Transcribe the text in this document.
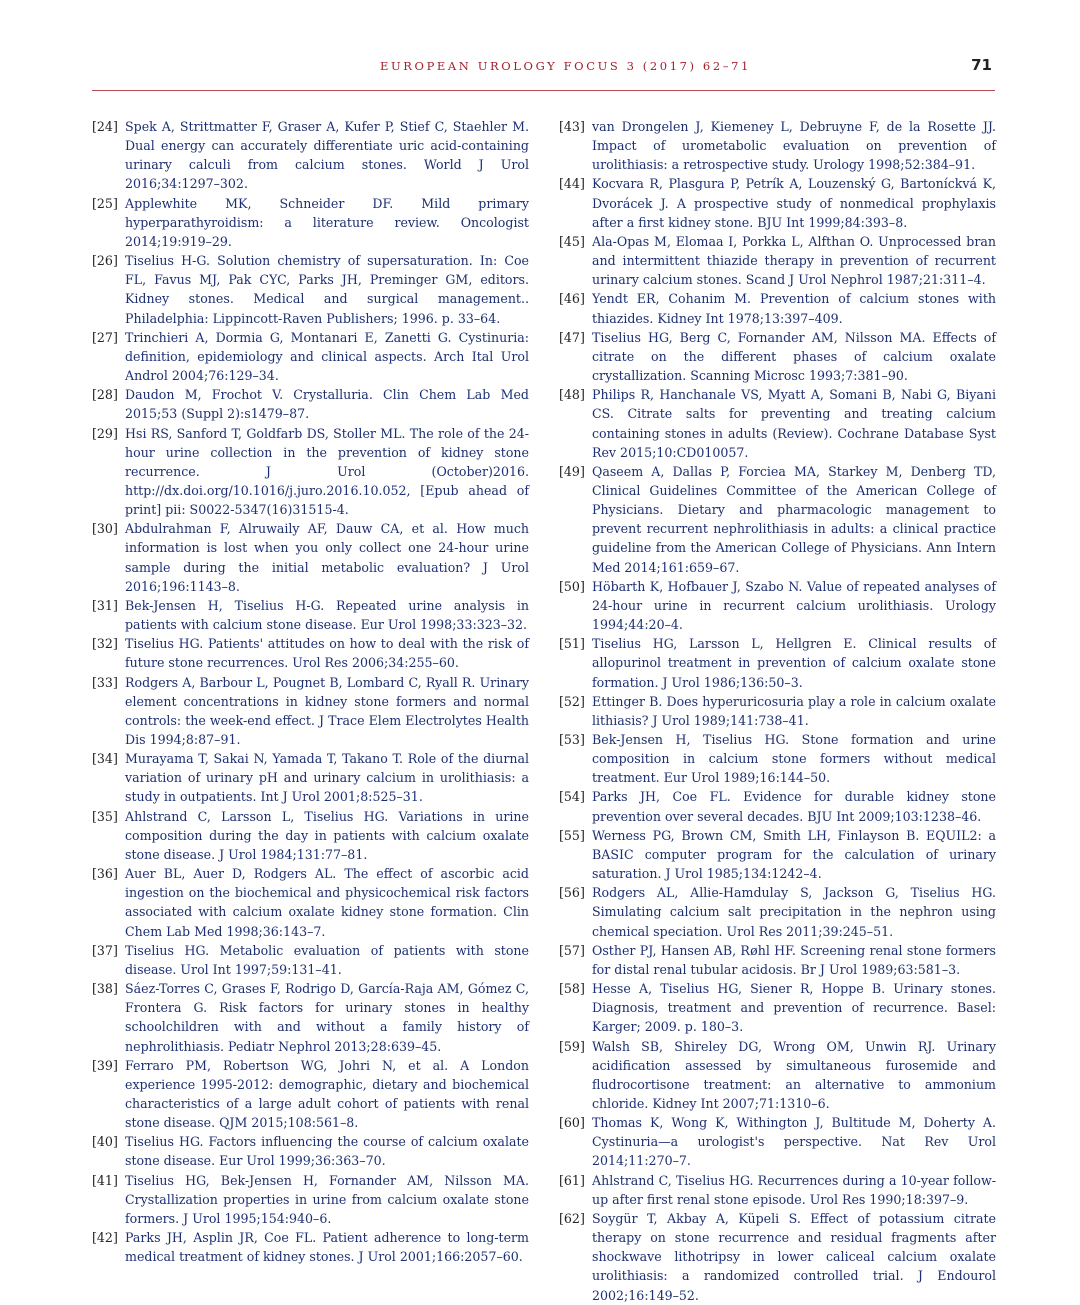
EUROPEAN UROLOGY FOCUS 3 (2017) 62–71	71
[24] Spek A, Strittmatter F, Graser A, Kufer P, Stief C, Staehler M. Dual energy can accurately differentiate uric acid-containing urinary calculi from calcium stones. World J Urol 2016;34:1297–302.
[25] Applewhite MK, Schneider DF. Mild primary hyperparathyroidism: a literature review. Oncologist 2014;19:919–29.
[26] Tiselius H-G. Solution chemistry of supersaturation. In: Coe FL, Favus MJ, Pak CYC, Parks JH, Preminger GM, editors. Kidney stones. Medical and surgical management.. Philadelphia: Lippincott-Raven Publishers; 1996. p. 33–64.
[27] Trinchieri A, Dormia G, Montanari E, Zanetti G. Cystinuria: definition, epidemiology and clinical aspects. Arch Ital Urol Androl 2004;76:129–34.
[28] Daudon M, Frochot V. Crystalluria. Clin Chem Lab Med 2015;53 (Suppl 2):s1479–87.
[29] Hsi RS, Sanford T, Goldfarb DS, Stoller ML. The role of the 24-hour urine collection in the prevention of kidney stone recurrence. J Urol (October)2016. http://dx.doi.org/10.1016/j.juro.2016.10.052, [Epub ahead of print] pii: S0022-5347(16)31515-4.
[30] Abdulrahman F, Alruwaily AF, Dauw CA, et al. How much information is lost when you only collect one 24-hour urine sample during the initial metabolic evaluation? J Urol 2016;196:1143–8.
[31] Bek-Jensen H, Tiselius H-G. Repeated urine analysis in patients with calcium stone disease. Eur Urol 1998;33:323–32.
[32] Tiselius HG. Patients' attitudes on how to deal with the risk of future stone recurrences. Urol Res 2006;34:255–60.
[33] Rodgers A, Barbour L, Pougnet B, Lombard C, Ryall R. Urinary element concentrations in kidney stone formers and normal controls: the week-end effect. J Trace Elem Electrolytes Health Dis 1994;8:87–91.
[34] Murayama T, Sakai N, Yamada T, Takano T. Role of the diurnal variation of urinary pH and urinary calcium in urolithiasis: a study in outpatients. Int J Urol 2001;8:525–31.
[35] Ahlstrand C, Larsson L, Tiselius HG. Variations in urine composition during the day in patients with calcium oxalate stone disease. J Urol 1984;131:77–81.
[36] Auer BL, Auer D, Rodgers AL. The effect of ascorbic acid ingestion on the biochemical and physicochemical risk factors associated with calcium oxalate kidney stone formation. Clin Chem Lab Med 1998;36:143–7.
[37] Tiselius HG. Metabolic evaluation of patients with stone disease. Urol Int 1997;59:131–41.
[38] Sáez-Torres C, Grases F, Rodrigo D, García-Raja AM, Gómez C, Frontera G. Risk factors for urinary stones in healthy schoolchildren with and without a family history of nephrolithiasis. Pediatr Nephrol 2013;28:639–45.
[39] Ferraro PM, Robertson WG, Johri N, et al. A London experience 1995-2012: demographic, dietary and biochemical characteristics of a large adult cohort of patients with renal stone disease. QJM 2015;108:561–8.
[40] Tiselius HG. Factors influencing the course of calcium oxalate stone disease. Eur Urol 1999;36:363–70.
[41] Tiselius HG, Bek-Jensen H, Fornander AM, Nilsson MA. Crystallization properties in urine from calcium oxalate stone formers. J Urol 1995;154:940–6.
[42] Parks JH, Asplin JR, Coe FL. Patient adherence to long-term medical treatment of kidney stones. J Urol 2001;166:2057–60.
[43] van Drongelen J, Kiemeney L, Debruyne F, de la Rosette JJ. Impact of urometabolic evaluation on prevention of urolithiasis: a retrospective study. Urology 1998;52:384–91.
[44] Kocvara R, Plasgura P, Petrík A, Louzenský G, Bartoníckvá K, Dvorácek J. A prospective study of nonmedical prophylaxis after a first kidney stone. BJU Int 1999;84:393–8.
[45] Ala-Opas M, Elomaa I, Porkka L, Alfthan O. Unprocessed bran and intermittent thiazide therapy in prevention of recurrent urinary calcium stones. Scand J Urol Nephrol 1987;21:311–4.
[46] Yendt ER, Cohanim M. Prevention of calcium stones with thiazides. Kidney Int 1978;13:397–409.
[47] Tiselius HG, Berg C, Fornander AM, Nilsson MA. Effects of citrate on the different phases of calcium oxalate crystallization. Scanning Microsc 1993;7:381–90.
[48] Philips R, Hanchanale VS, Myatt A, Somani B, Nabi G, Biyani CS. Citrate salts for preventing and treating calcium containing stones in adults (Review). Cochrane Database Syst Rev 2015;10:CD010057.
[49] Qaseem A, Dallas P, Forciea MA, Starkey M, Denberg TD, Clinical Guidelines Committee of the American College of Physicians. Dietary and pharmacologic management to prevent recurrent nephrolithiasis in adults: a clinical practice guideline from the American College of Physicians. Ann Intern Med 2014;161:659–67.
[50] Höbarth K, Hofbauer J, Szabo N. Value of repeated analyses of 24-hour urine in recurrent calcium urolithiasis. Urology 1994;44:20–4.
[51] Tiselius HG, Larsson L, Hellgren E. Clinical results of allopurinol treatment in prevention of calcium oxalate stone formation. J Urol 1986;136:50–3.
[52] Ettinger B. Does hyperuricosuria play a role in calcium oxalate lithiasis? J Urol 1989;141:738–41.
[53] Bek-Jensen H, Tiselius HG. Stone formation and urine composition in calcium stone formers without medical treatment. Eur Urol 1989;16:144–50.
[54] Parks JH, Coe FL. Evidence for durable kidney stone prevention over several decades. BJU Int 2009;103:1238–46.
[55] Werness PG, Brown CM, Smith LH, Finlayson B. EQUIL2: a BASIC computer program for the calculation of urinary saturation. J Urol 1985;134:1242–4.
[56] Rodgers AL, Allie-Hamdulay S, Jackson G, Tiselius HG. Simulating calcium salt precipitation in the nephron using chemical speciation. Urol Res 2011;39:245–51.
[57] Osther PJ, Hansen AB, Røhl HF. Screening renal stone formers for distal renal tubular acidosis. Br J Urol 1989;63:581–3.
[58] Hesse A, Tiselius HG, Siener R, Hoppe B. Urinary stones. Diagnosis, treatment and prevention of recurrence. Basel: Karger; 2009. p. 180–3.
[59] Walsh SB, Shireley DG, Wrong OM, Unwin RJ. Urinary acidification assessed by simultaneous furosemide and fludrocortisone treatment: an alternative to ammonium chloride. Kidney Int 2007;71:1310–6.
[60] Thomas K, Wong K, Withington J, Bultitude M, Doherty A. Cystinuria—a urologist's perspective. Nat Rev Urol 2014;11:270–7.
[61] Ahlstrand C, Tiselius HG. Recurrences during a 10-year follow-up after first renal stone episode. Urol Res 1990;18:397–9.
[62] Soygür T, Akbay A, Küpeli S. Effect of potassium citrate therapy on stone recurrence and residual fragments after shockwave lithotripsy in lower caliceal calcium oxalate urolithiasis: a randomized controlled trial. J Endourol 2002;16:149–52.
